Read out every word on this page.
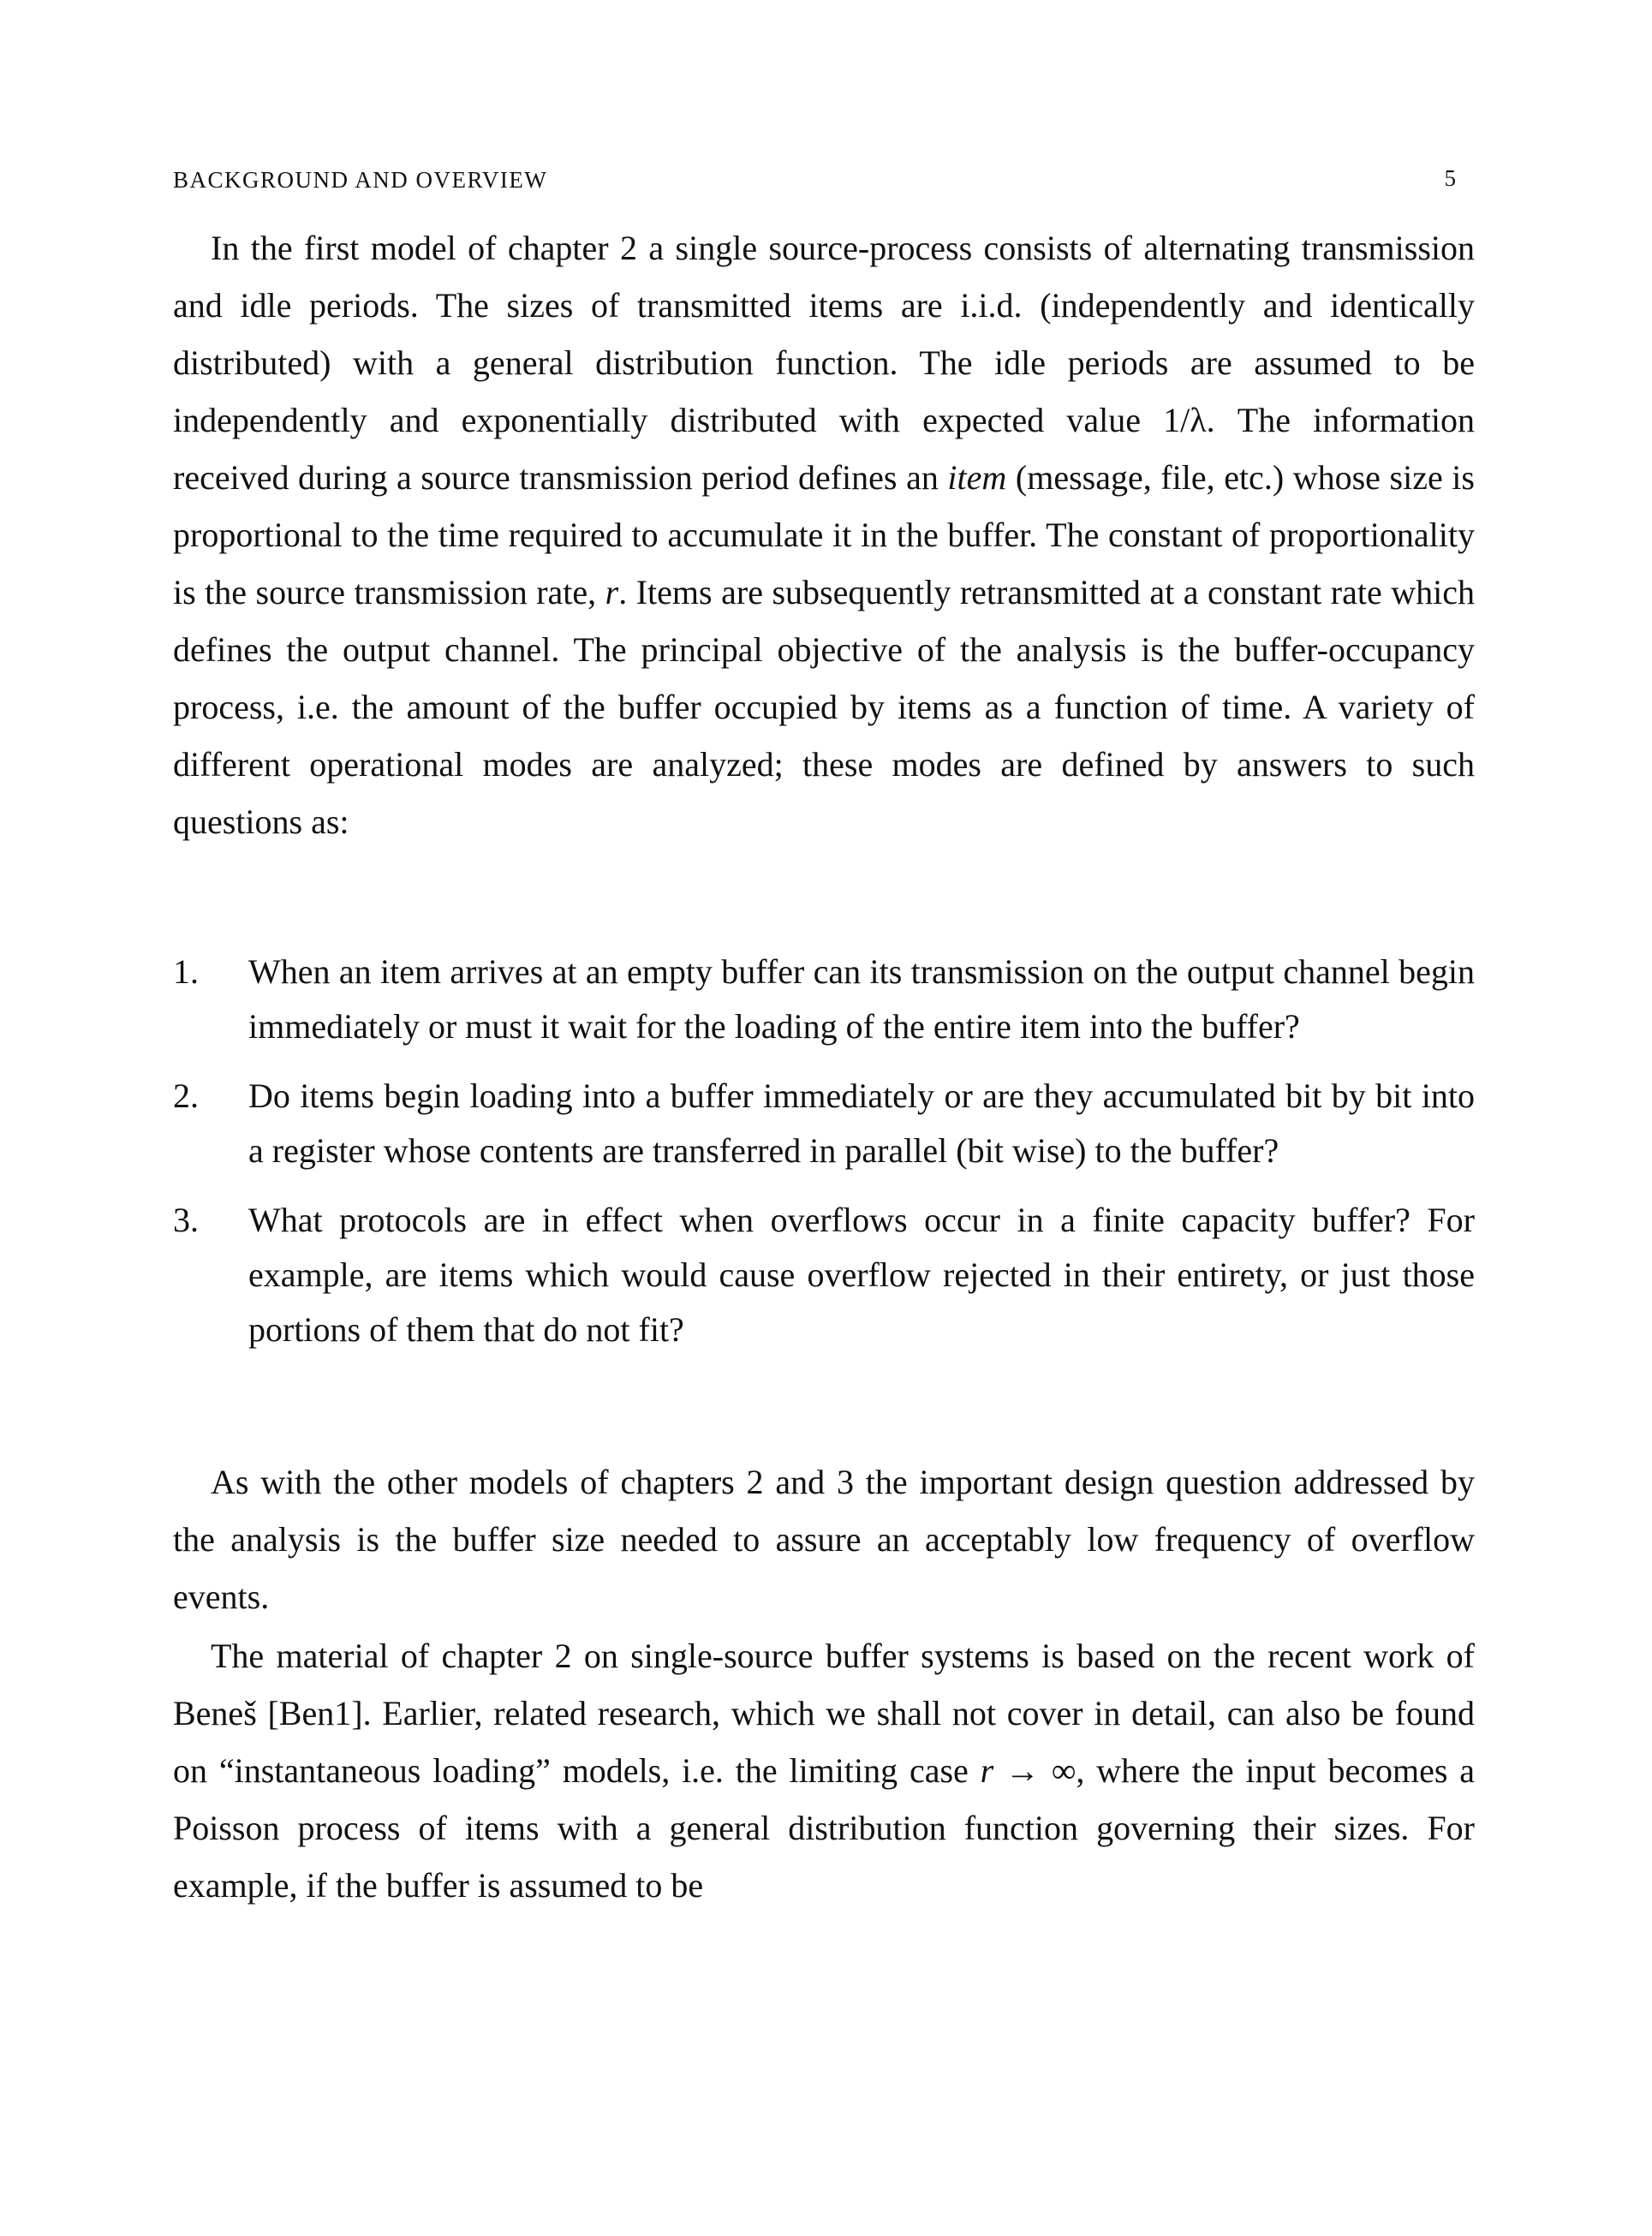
BACKGROUND AND OVERVIEW	5

In the first model of chapter 2 a single source-process consists of alternating transmission and idle periods. The sizes of transmitted items are i.i.d. (independently and identically distributed) with a general distribution function. The idle periods are assumed to be independently and exponentially distributed with expected value 1/λ. The information received during a source transmission period defines an item (message, file, etc.) whose size is proportional to the time required to accumulate it in the buffer. The constant of proportionality is the source transmission rate, r. Items are subsequently retransmitted at a constant rate which defines the output channel. The principal objective of the analysis is the buffer-occupancy process, i.e. the amount of the buffer occupied by items as a function of time. A variety of different operational modes are analyzed; these modes are defined by answers to such questions as:

1. When an item arrives at an empty buffer can its transmission on the output channel begin immediately or must it wait for the loading of the entire item into the buffer?
2. Do items begin loading into a buffer immediately or are they accumulated bit by bit into a register whose contents are transferred in parallel (bit wise) to the buffer?
3. What protocols are in effect when overflows occur in a finite capacity buffer? For example, are items which would cause overflow rejected in their entirety, or just those portions of them that do not fit?

As with the other models of chapters 2 and 3 the important design question addressed by the analysis is the buffer size needed to assure an acceptably low frequency of overflow events.

The material of chapter 2 on single-source buffer systems is based on the recent work of Beneš [Ben1]. Earlier, related research, which we shall not cover in detail, can also be found on “instantaneous loading” models, i.e. the limiting case r → ∞, where the input becomes a Poisson process of items with a general distribution function governing their sizes. For example, if the buffer is assumed to be
